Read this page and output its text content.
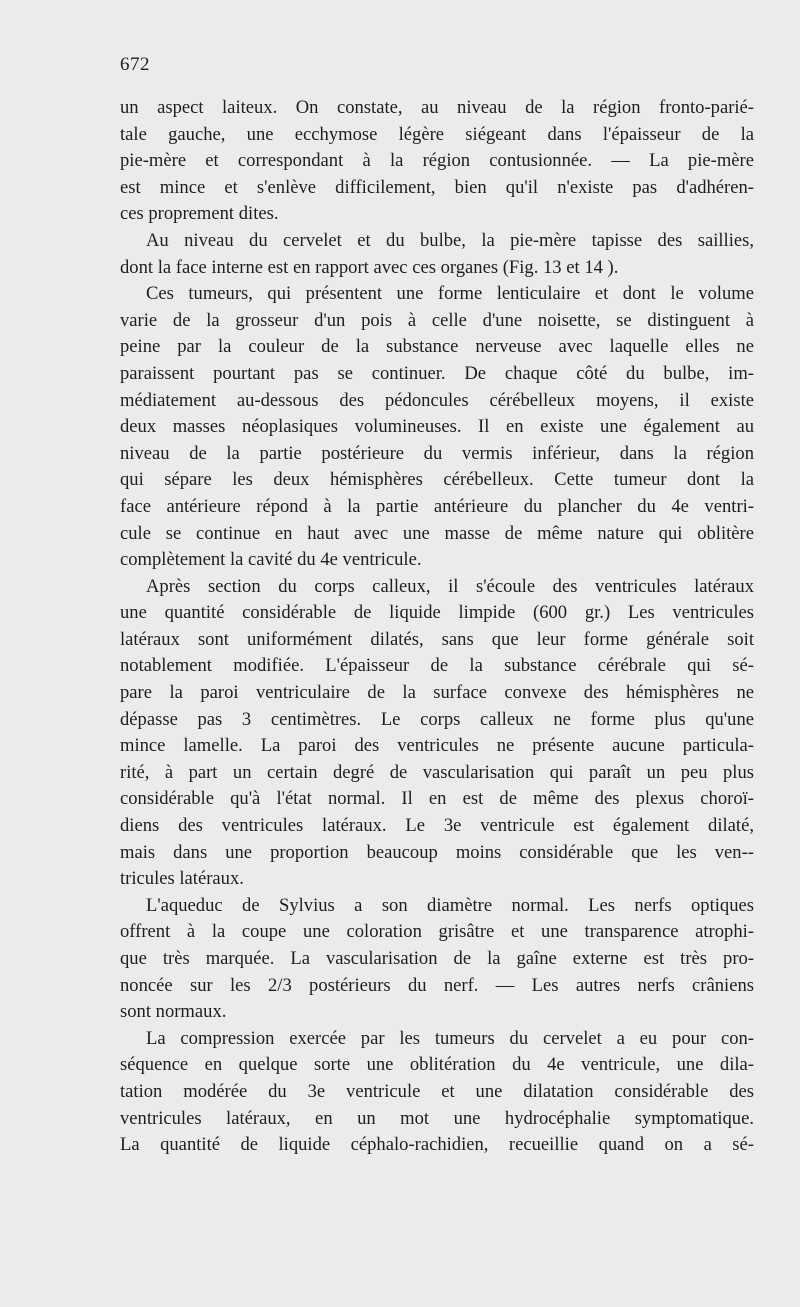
672
un aspect laiteux. On constate, au niveau de la région fronto-parié-
tale gauche, une ecchymose légère siégeant dans l'épaisseur de la
pie-mère et correspondant à la région contusionnée. — La pie-mère
est mince et s'enlève difficilement, bien qu'il n'existe pas d'adhéren-
ces proprement dites.
Au niveau du cervelet et du bulbe, la pie-mère tapisse des saillies,
dont la face interne est en rapport avec ces organes (Fig. 13 et 14 ).
Ces tumeurs, qui présentent une forme lenticulaire et dont le volume
varie de la grosseur d'un pois à celle d'une noisette, se distinguent à
peine par la couleur de la substance nerveuse avec laquelle elles ne
paraissent pourtant pas se continuer. De chaque côté du bulbe, im-
médiatement au-dessous des pédoncules cérébelleux moyens, il existe
deux masses néoplasiques volumineuses. Il en existe une également au
niveau de la partie postérieure du vermis inférieur, dans la région
qui sépare les deux hémisphères cérébelleux. Cette tumeur dont la
face antérieure répond à la partie antérieure du plancher du 4e ventri-
cule se continue en haut avec une masse de même nature qui oblitère
complètement la cavité du 4e ventricule.
Après section du corps calleux, il s'écoule des ventricules latéraux
une quantité considérable de liquide limpide (600 gr.) Les ventricules
latéraux sont uniformément dilatés, sans que leur forme générale soit
notablement modifiée. L'épaisseur de la substance cérébrale qui sé-
pare la paroi ventriculaire de la surface convexe des hémisphères ne
dépasse pas 3 centimètres. Le corps calleux ne forme plus qu'une
mince lamelle. La paroi des ventricules ne présente aucune particula-
rité, à part un certain degré de vascularisation qui paraît un peu plus
considérable qu'à l'état normal. Il en est de même des plexus choroï-
diens des ventricules latéraux. Le 3e ventricule est également dilaté,
mais dans une proportion beaucoup moins considérable que les ven--
tricules latéraux.
L'aqueduc de Sylvius a son diamètre normal. Les nerfs optiques
offrent à la coupe une coloration grisâtre et une transparence atrophi-
que très marquée. La vascularisation de la gaîne externe est très pro-
noncée sur les 2/3 postérieurs du nerf. — Les autres nerfs crâniens
sont normaux.
La compression exercée par les tumeurs du cervelet a eu pour con-
séquence en quelque sorte une oblitération du 4e ventricule, une dila-
tation modérée du 3e ventricule et une dilatation considérable des
ventricules latéraux, en un mot une hydrocéphalie symptomatique.
La quantité de liquide céphalo-rachidien, recueillie quand on a sé-
